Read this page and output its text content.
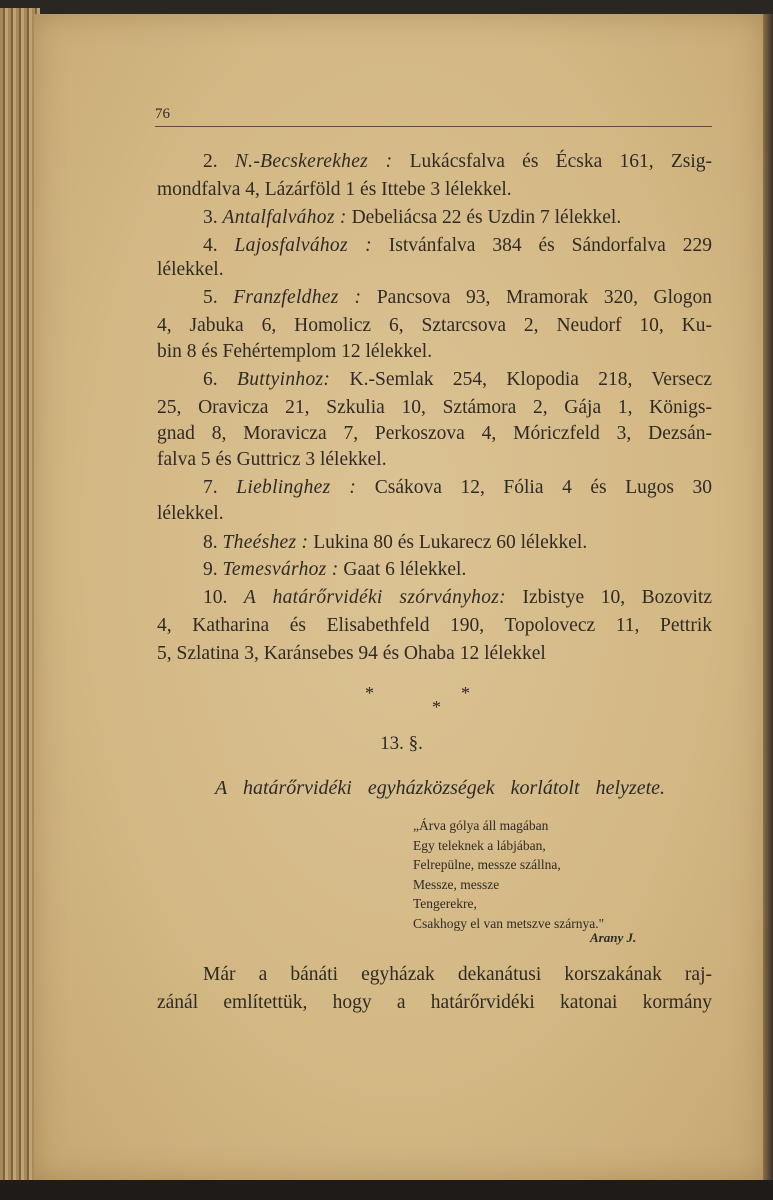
76
2. N.-Becskerekhez : Lukácsfalva és Écska 161, Zsig-
mondfalva 4, Lázárföld 1 és Ittebe 3 lélekkel.
3. Antalfalvához : Debeliácsa 22 és Uzdin 7 lélekkel.
4. Lajosfalvához : Istvánfalva 384 és Sándorfalva 229
lélekkel.
5. Franzfeldhez : Pancsova 93, Mramorak 320, Glogon
4, Jabuka 6, Homolicz 6, Sztarcsova 2, Neudorf 10, Ku-
bin 8 és Fehértemplom 12 lélekkel.
6. Buttyinhoz: K.-Semlak 254, Klopodia 218, Versecz
25, Oravicza 21, Szkulia 10, Sztámora 2, Gája 1, Königs-
gnad 8, Moravicza 7, Perkoszova 4, Móriczfeld 3, Dezsán-
falva 5 és Guttricz 3 lélekkel.
7. Lieblinghez : Csákova 12, Fólia 4 és Lugos 30
lélekkel.
8. Theéshez : Lukina 80 és Lukarecz 60 lélekkel.
9. Temesvárhoz : Gaat 6 lélekkel.
10. A határőrvidéki szórványhoz: Izbistye 10, Bozovitz
4, Katharina és Elisabethfeld 190, Topolovecz 11, Pettrik
5, Szlatina 3, Karánsebes 94 és Ohaba 12 lélekkel
*	*
*
13. §.
A határőrvidéki egyházközségek korlátolt helyzete.
„Árva gólya áll magában
Egy teleknek a lábjában,
Felrepülne, messze szállna,
Messze, messze
Tengerekre,
Csakhogy el van metszve szárnya."
Arany J.
Már a bánáti egyházak dekanátusi korszakának raj-
zánál említettük, hogy a határőrvidéki katonai kormány
